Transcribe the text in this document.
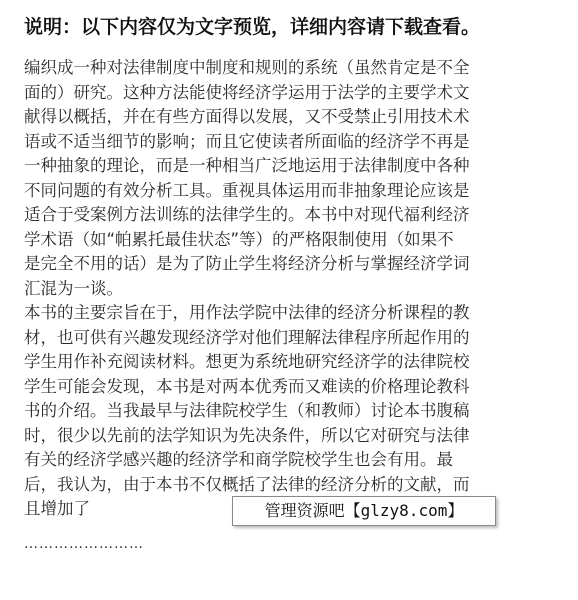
说明：以下内容仅为文字预览，详细内容请下载查看。
编织成一种对法律制度中制度和规则的系统（虽然肯定是不全
面的）研究。这种方法能使将经济学运用于法学的主要学术文
献得以概括，并在有些方面得以发展，又不受禁止引用技术术
语或不适当细节的影响；而且它使读者所面临的经济学不再是
一种抽象的理论，而是一种相当广泛地运用于法律制度中各种
不同问题的有效分析工具。重视具体运用而非抽象理论应该是
适合于受案例方法训练的法律学生的。本书中对现代福利经济
学术语（如“帕累托最佳状态”等）的严格限制使用（如果不
是完全不用的话）是为了防止学生将经济分析与掌握经济学词
汇混为一谈。
本书的主要宗旨在于，用作法学院中法律的经济分析课程的教
材，也可供有兴趣发现经济学对他们理解法律程序所起作用的
学生用作补充阅读材料。想更为系统地研究经济学的法律院校
学生可能会发现，本书是对两本优秀而又难读的价格理论教科
书的介绍。当我最早与法律院校学生（和教师）讨论本书腹稿
时，很少以先前的法学知识为先决条件，所以它对研究与法律
有关的经济学感兴趣的经济学和商学院校学生也会有用。最
后，我认为，由于本书不仅概括了法律的经济分析的文献，而
且增加了
……………………
管理资源吧【glzy8.com】
